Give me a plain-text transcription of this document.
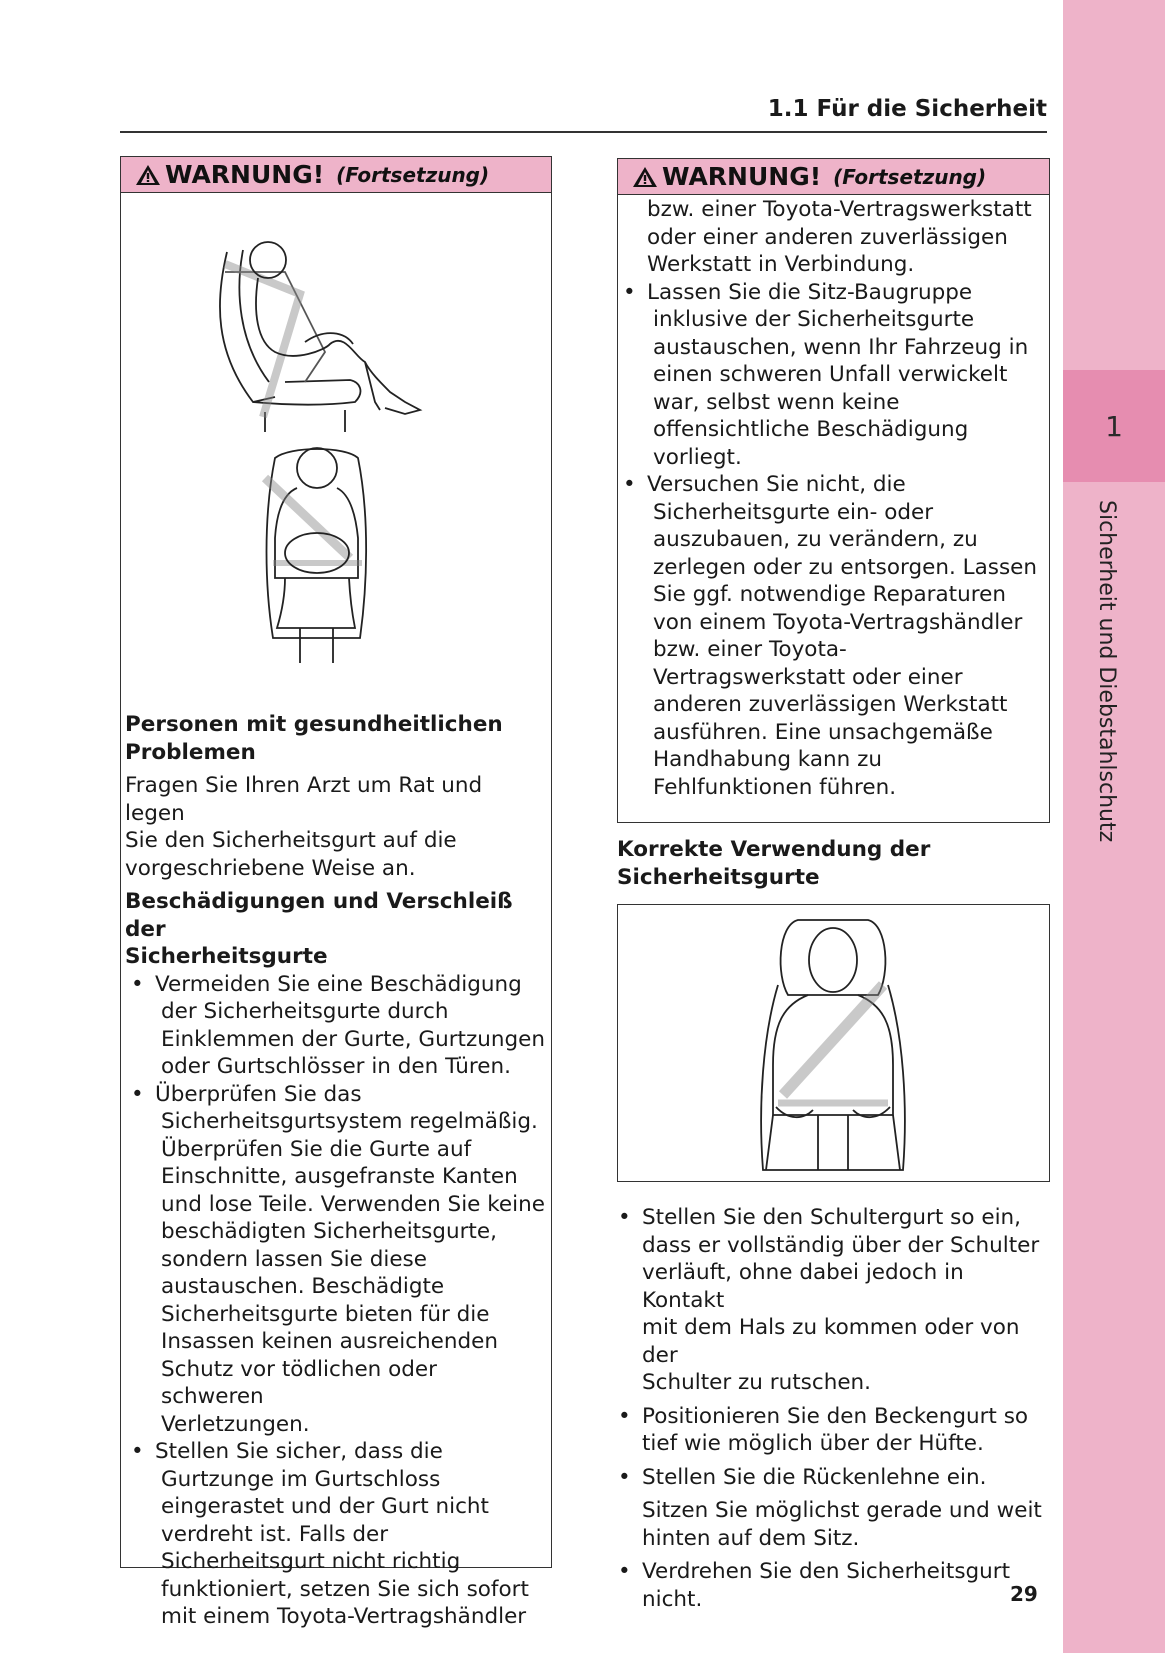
1
Sicherheit und Diebstahlschutz
1.1 Für die Sicherheit
WARNUNG! (Fortsetzung)
Personen mit gesundheitlichen
Problemen
Fragen Sie Ihren Arzt um Rat und legen
Sie den Sicherheitsgurt auf die
vorgeschriebene Weise an.
Beschädigungen und Verschleiß der
Sicherheitsgurte
• Vermeiden Sie eine Beschädigung
der Sicherheitsgurte durch
Einklemmen der Gurte, Gurtzungen
oder Gurtschlösser in den Türen.
• Überprüfen Sie das
Sicherheitsgurtsystem regelmäßig.
Überprüfen Sie die Gurte auf
Einschnitte, ausgefranste Kanten
und lose Teile. Verwenden Sie keine
beschädigten Sicherheitsgurte,
sondern lassen Sie diese
austauschen. Beschädigte
Sicherheitsgurte bieten für die
Insassen keinen ausreichenden
Schutz vor tödlichen oder schweren
Verletzungen.
• Stellen Sie sicher, dass die
Gurtzunge im Gurtschloss
eingerastet und der Gurt nicht
verdreht ist. Falls der
Sicherheitsgurt nicht richtig
funktioniert, setzen Sie sich sofort
mit einem Toyota-Vertragshändler
WARNUNG! (Fortsetzung)
bzw. einer Toyota-Vertragswerkstatt
oder einer anderen zuverlässigen
Werkstatt in Verbindung.
• Lassen Sie die Sitz-Baugruppe
inklusive der Sicherheitsgurte
austauschen, wenn Ihr Fahrzeug in
einen schweren Unfall verwickelt
war, selbst wenn keine
offensichtliche Beschädigung
vorliegt.
• Versuchen Sie nicht, die
Sicherheitsgurte ein- oder
auszubauen, zu verändern, zu
zerlegen oder zu entsorgen. Lassen
Sie ggf. notwendige Reparaturen
von einem Toyota-Vertragshändler
bzw. einer Toyota-
Vertragswerkstatt oder einer
anderen zuverlässigen Werkstatt
ausführen. Eine unsachgemäße
Handhabung kann zu
Fehlfunktionen führen.
Korrekte Verwendung der
Sicherheitsgurte
• Stellen Sie den Schultergurt so ein,
dass er vollständig über der Schulter
verläuft, ohne dabei jedoch in Kontakt
mit dem Hals zu kommen oder von der
Schulter zu rutschen.
• Positionieren Sie den Beckengurt so
tief wie möglich über der Hüfte.
• Stellen Sie die Rückenlehne ein.
Sitzen Sie möglichst gerade und weit
hinten auf dem Sitz.
• Verdrehen Sie den Sicherheitsgurt
nicht.	29
